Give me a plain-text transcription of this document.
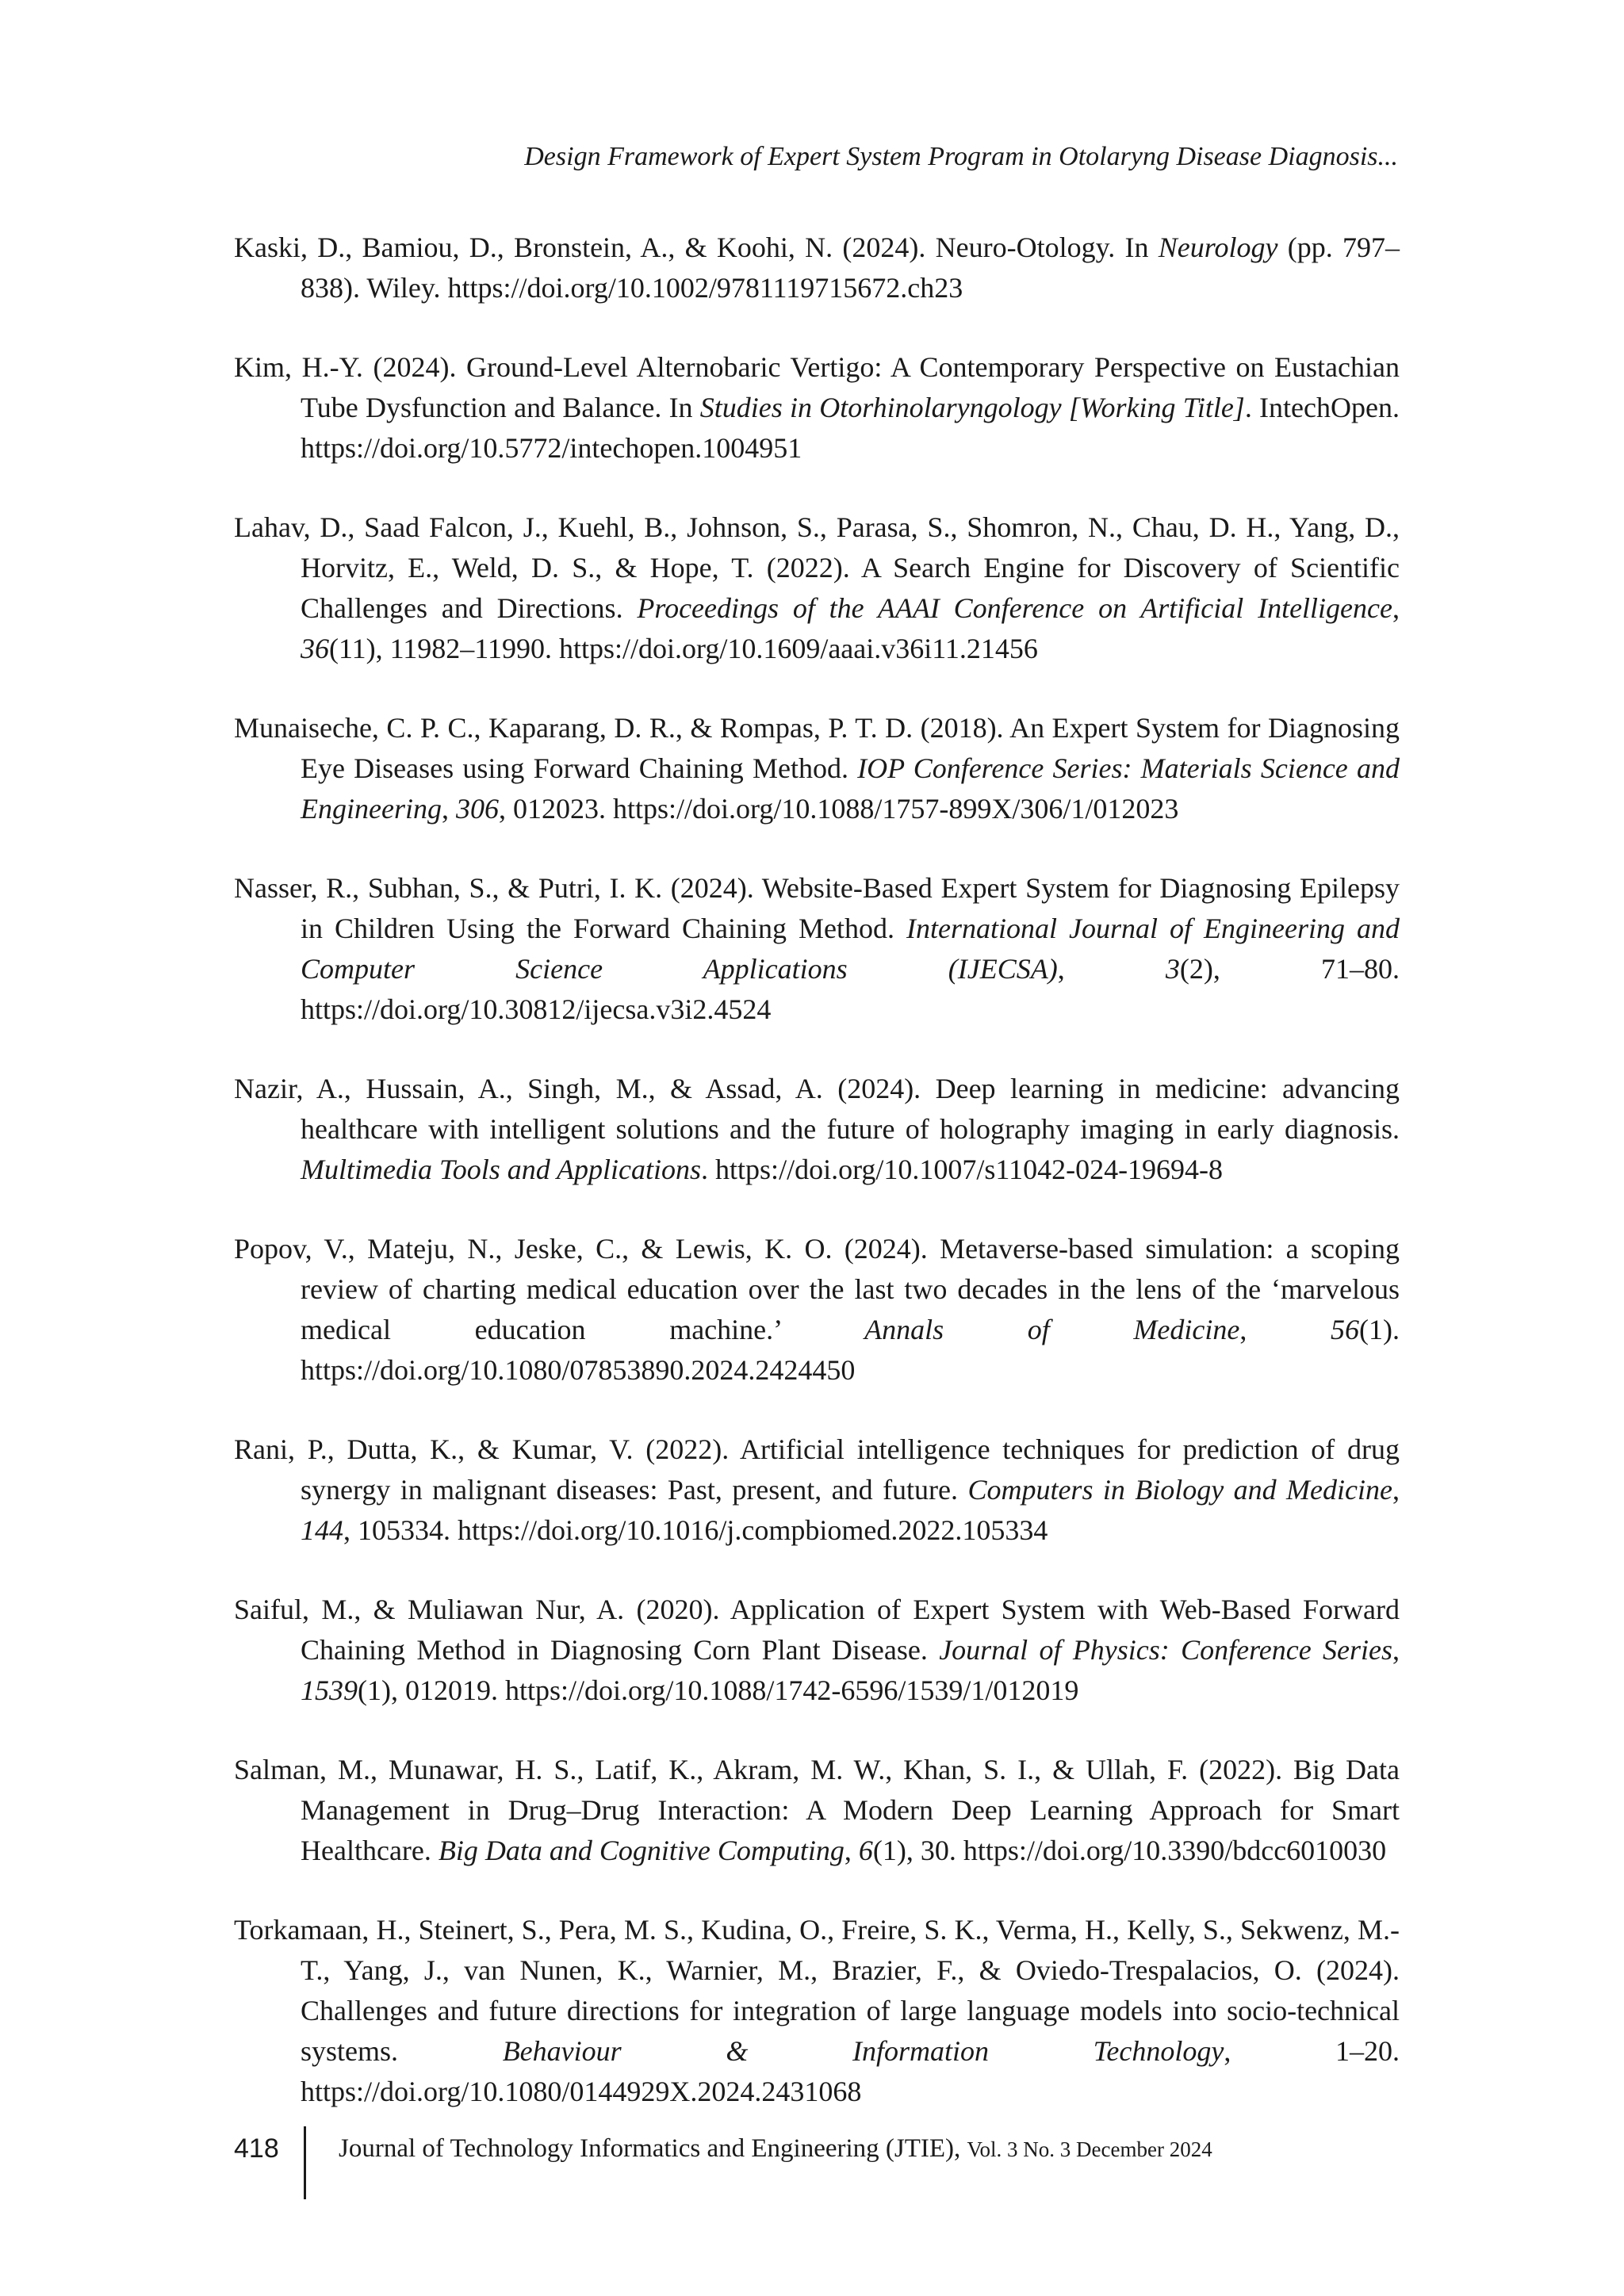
Design Framework of Expert System Program in Otolaryng Disease Diagnosis...

Kaski, D., Bamiou, D., Bronstein, A., & Koohi, N. (2024). Neuro-Otology. In Neurology (pp. 797–838). Wiley. https://doi.org/10.1002/9781119715672.ch23

Kim, H.-Y. (2024). Ground-Level Alternobaric Vertigo: A Contemporary Perspective on Eustachian Tube Dysfunction and Balance. In Studies in Otorhinolaryngology [Working Title]. IntechOpen. https://doi.org/10.5772/intechopen.1004951

Lahav, D., Saad Falcon, J., Kuehl, B., Johnson, S., Parasa, S., Shomron, N., Chau, D. H., Yang, D., Horvitz, E., Weld, D. S., & Hope, T. (2022). A Search Engine for Discovery of Scientific Challenges and Directions. Proceedings of the AAAI Conference on Artificial Intelligence, 36(11), 11982–11990. https://doi.org/10.1609/aaai.v36i11.21456

Munaiseche, C. P. C., Kaparang, D. R., & Rompas, P. T. D. (2018). An Expert System for Diagnosing Eye Diseases using Forward Chaining Method. IOP Conference Series: Materials Science and Engineering, 306, 012023. https://doi.org/10.1088/1757-899X/306/1/012023

Nasser, R., Subhan, S., & Putri, I. K. (2024). Website-Based Expert System for Diagnosing Epilepsy in Children Using the Forward Chaining Method. International Journal of Engineering and Computer Science Applications (IJECSA), 3(2), 71–80. https://doi.org/10.30812/ijecsa.v3i2.4524

Nazir, A., Hussain, A., Singh, M., & Assad, A. (2024). Deep learning in medicine: advancing healthcare with intelligent solutions and the future of holography imaging in early diagnosis. Multimedia Tools and Applications. https://doi.org/10.1007/s11042-024-19694-8

Popov, V., Mateju, N., Jeske, C., & Lewis, K. O. (2024). Metaverse-based simulation: a scoping review of charting medical education over the last two decades in the lens of the ‘marvelous medical education machine.’ Annals of Medicine, 56(1). https://doi.org/10.1080/07853890.2024.2424450

Rani, P., Dutta, K., & Kumar, V. (2022). Artificial intelligence techniques for prediction of drug synergy in malignant diseases: Past, present, and future. Computers in Biology and Medicine, 144, 105334. https://doi.org/10.1016/j.compbiomed.2022.105334

Saiful, M., & Muliawan Nur, A. (2020). Application of Expert System with Web-Based Forward Chaining Method in Diagnosing Corn Plant Disease. Journal of Physics: Conference Series, 1539(1), 012019. https://doi.org/10.1088/1742-6596/1539/1/012019

Salman, M., Munawar, H. S., Latif, K., Akram, M. W., Khan, S. I., & Ullah, F. (2022). Big Data Management in Drug–Drug Interaction: A Modern Deep Learning Approach for Smart Healthcare. Big Data and Cognitive Computing, 6(1), 30. https://doi.org/10.3390/bdcc6010030

Torkamaan, H., Steinert, S., Pera, M. S., Kudina, O., Freire, S. K., Verma, H., Kelly, S., Sekwenz, M.-T., Yang, J., van Nunen, K., Warnier, M., Brazier, F., & Oviedo-Trespalacios, O. (2024). Challenges and future directions for integration of large language models into socio-technical systems. Behaviour & Information Technology, 1–20. https://doi.org/10.1080/0144929X.2024.2431068

418 Journal of Technology Informatics and Engineering (JTIE), Vol. 3 No. 3 December 2024
